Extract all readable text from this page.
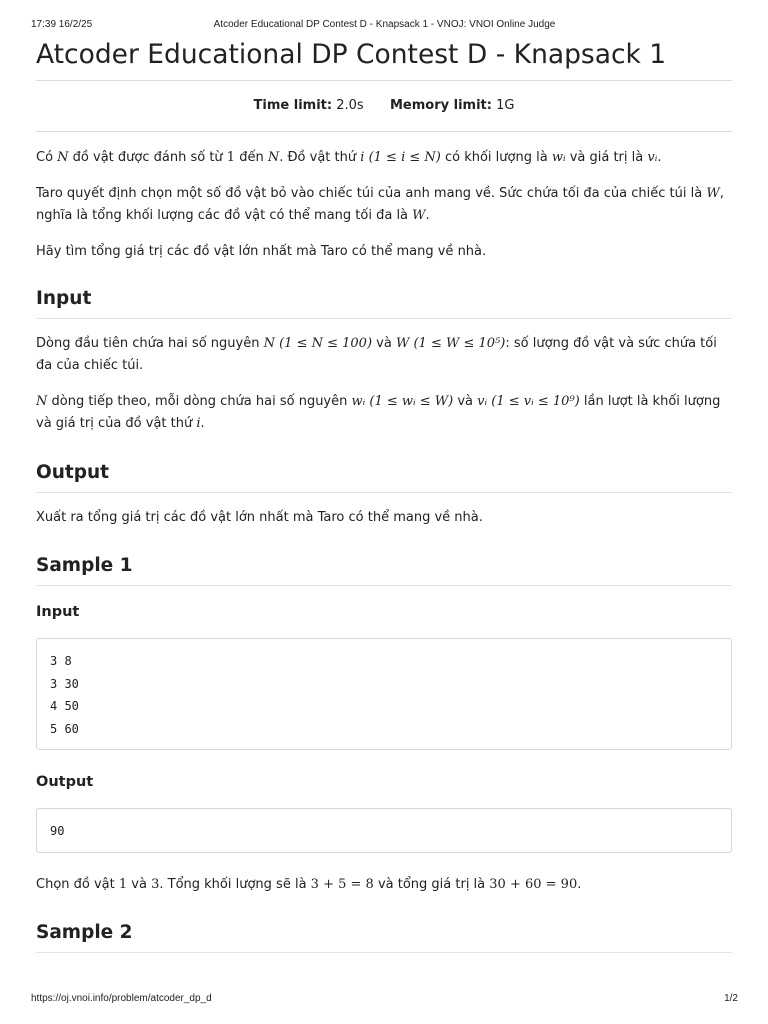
17:39 16/2/25	Atcoder Educational DP Contest D - Knapsack 1 - VNOJ: VNOI Online Judge
Atcoder Educational DP Contest D - Knapsack 1
Time limit: 2.0s Memory limit: 1G

Có N đồ vật được đánh số từ 1 đến N. Đồ vật thứ i (1 ≤ i ≤ N) có khối lượng là wᵢ và giá trị là vᵢ.

Taro quyết định chọn một số đồ vật bỏ vào chiếc túi của anh mang về. Sức chứa tối đa của chiếc túi là W, nghĩa là tổng khối lượng các đồ vật có thể mang tối đa là W.

Hãy tìm tổng giá trị các đồ vật lớn nhất mà Taro có thể mang về nhà.

Input

Dòng đầu tiên chứa hai số nguyên N (1 ≤ N ≤ 100) và W (1 ≤ W ≤ 10⁵): số lượng đồ vật và sức chứa tối đa của chiếc túi.

N dòng tiếp theo, mỗi dòng chứa hai số nguyên wᵢ (1 ≤ wᵢ ≤ W) và vᵢ (1 ≤ vᵢ ≤ 10⁹) lần lượt là khối lượng và giá trị của đồ vật thứ i.

Output

Xuất ra tổng giá trị các đồ vật lớn nhất mà Taro có thể mang về nhà.

Sample 1
Input
3 8
3 30
4 50
5 60
Output
90

Chọn đồ vật 1 và 3. Tổng khối lượng sẽ là 3 + 5 = 8 và tổng giá trị là 30 + 60 = 90.

Sample 2
https://oj.vnoi.info/problem/atcoder_dp_d	1/2
